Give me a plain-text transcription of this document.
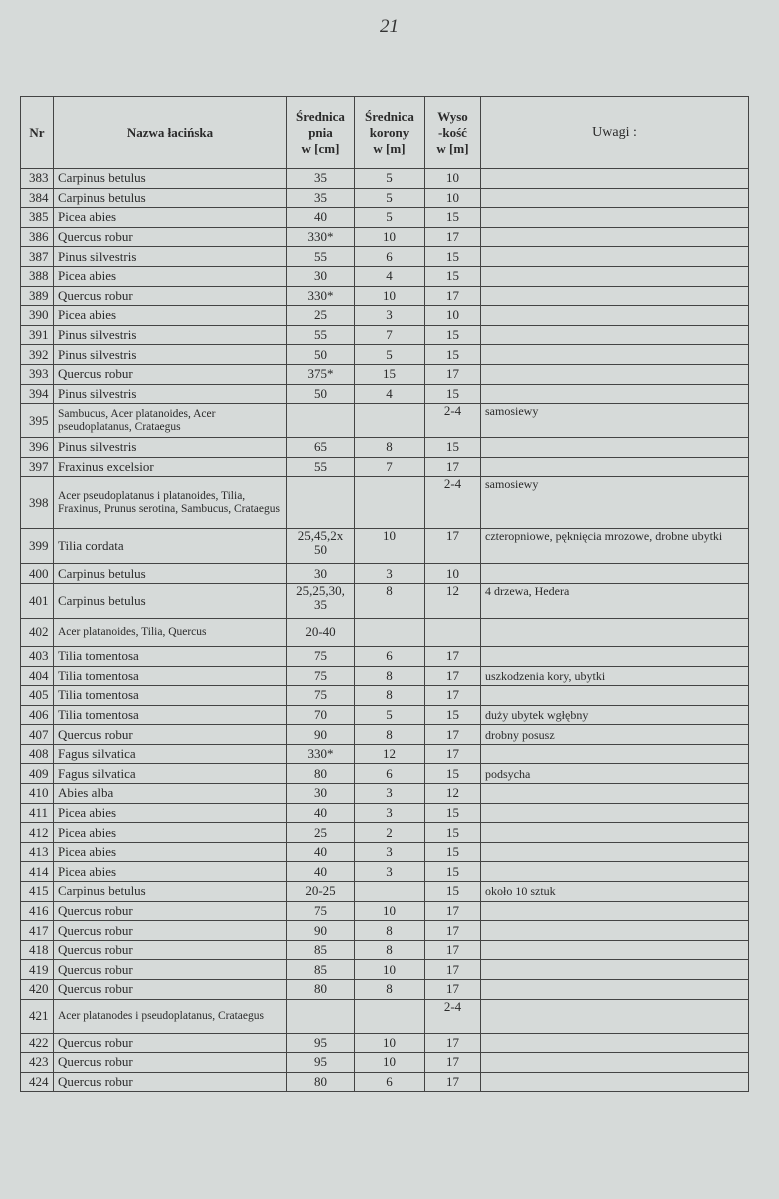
21
Nr	Nazwa łacińska	Średnica
pnia
w [cm]	Średnica
korony
w [m]	Wyso
-kość
w [m]	Uwagi :
383	Carpinus betulus	35	5	10	
384	Carpinus betulus	35	5	10	
385	Picea abies	40	5	15	
386	Quercus robur	330*	10	17	
387	Pinus silvestris	55	6	15	
388	Picea abies	30	4	15	
389	Quercus robur	330*	10	17	
390	Picea abies	25	3	10	
391	Pinus silvestris	55	7	15	
392	Pinus silvestris	50	5	15	
393	Quercus robur	375*	15	17	
394	Pinus silvestris	50	4	15	
395	Sambucus, Acer platanoides, Acer pseudoplatanus, Crataegus			2-4	samosiewy
396	Pinus silvestris	65	8	15	
397	Fraxinus excelsior	55	7	17	
398	Acer pseudoplatanus i platanoides, Tilia, Fraxinus, Prunus serotina, Sambucus, Crataegus			2-4	samosiewy
399	Tilia cordata	25,45,2x 50	10	17	czteropniowe, pęknięcia mrozowe, drobne ubytki
400	Carpinus betulus	30	3	10	
401	Carpinus betulus	25,25,30, 35	8	12	4 drzewa, Hedera
402	Acer platanoides, Tilia, Quercus	20-40			
403	Tilia tomentosa	75	6	17	
404	Tilia tomentosa	75	8	17	uszkodzenia kory, ubytki
405	Tilia tomentosa	75	8	17	
406	Tilia tomentosa	70	5	15	duży ubytek wgłębny
407	Quercus robur	90	8	17	drobny posusz
408	Fagus silvatica	330*	12	17	
409	Fagus silvatica	80	6	15	podsycha
410	Abies alba	30	3	12	
411	Picea abies	40	3	15	
412	Picea abies	25	2	15	
413	Picea abies	40	3	15	
414	Picea abies	40	3	15	
415	Carpinus betulus	20-25		15	około 10 sztuk
416	Quercus robur	75	10	17	
417	Quercus robur	90	8	17	
418	Quercus robur	85	8	17	
419	Quercus robur	85	10	17	
420	Quercus robur	80	8	17	
421	Acer platanodes i pseudoplatanus, Crataegus			2-4	
422	Quercus robur	95	10	17	
423	Quercus robur	95	10	17	
424	Quercus robur	80	6	17	
